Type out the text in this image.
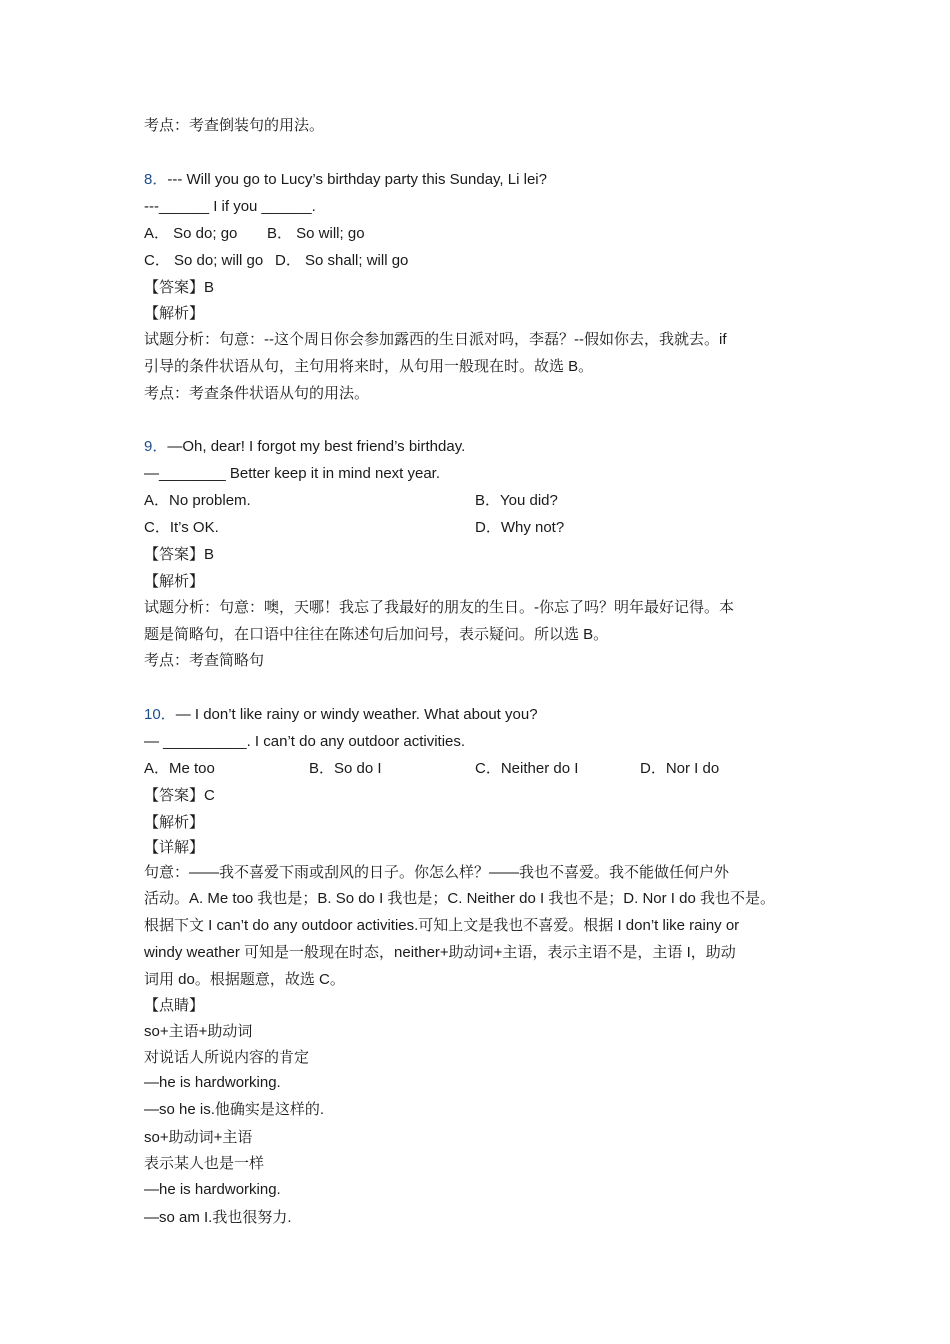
考点：考查倒装句的用法。
8．--- Will you go to Lucy’s birthday party this Sunday, Li lei?
---______ I if you ______.
A． So do; go B． So will; go
C． So do; will go D． So shall; will go
【答案】B
【解析】
试题分析：句意：--这个周日你会参加露西的生日派对吗，李磊？--假如你去，我就去。if
引导的条件状语从句，主句用将来时，从句用一般现在时。故选 B。
考点：考查条件状语从句的用法。
9．—Oh, dear! I forgot my best friend’s birthday.
—________ Better keep it in mind next year.
A．No problem.	B．You did?
C．It’s OK.	D．Why not?
【答案】B
【解析】
试题分析：句意：噢，天哪！我忘了我最好的朋友的生日。-你忘了吗？明年最好记得。本
题是简略句，在口语中往往在陈述句后加问号，表示疑问。所以选 B。
考点：考查简略句
10．— I don’t like rainy or windy weather. What about you?
— __________. I can’t do any outdoor activities.
A．Me too	B．So do I	C．Neither do I	D．Nor I do
【答案】C
【解析】
【详解】
句意：——我不喜爱下雨或刮风的日子。你怎么样？——我也不喜爱。我不能做任何户外
活动。A. Me too 我也是；B. So do I 我也是；C. Neither do I 我也不是；D. Nor I do 我也不是。
根据下文 I can’t do any outdoor activities.可知上文是我也不喜爱。根据 I don’t like rainy or
windy weather 可知是一般现在时态，neither+助动词+主语，表示主语不是，主语 I，助动
词用 do。根据题意，故选 C。
【点睛】
so+主语+助动词
对说话人所说内容的肯定
—he is hardworking.
—so he is.他确实是这样的.
so+助动词+主语
表示某人也是一样
—he is hardworking.
—so am I.我也很努力.
